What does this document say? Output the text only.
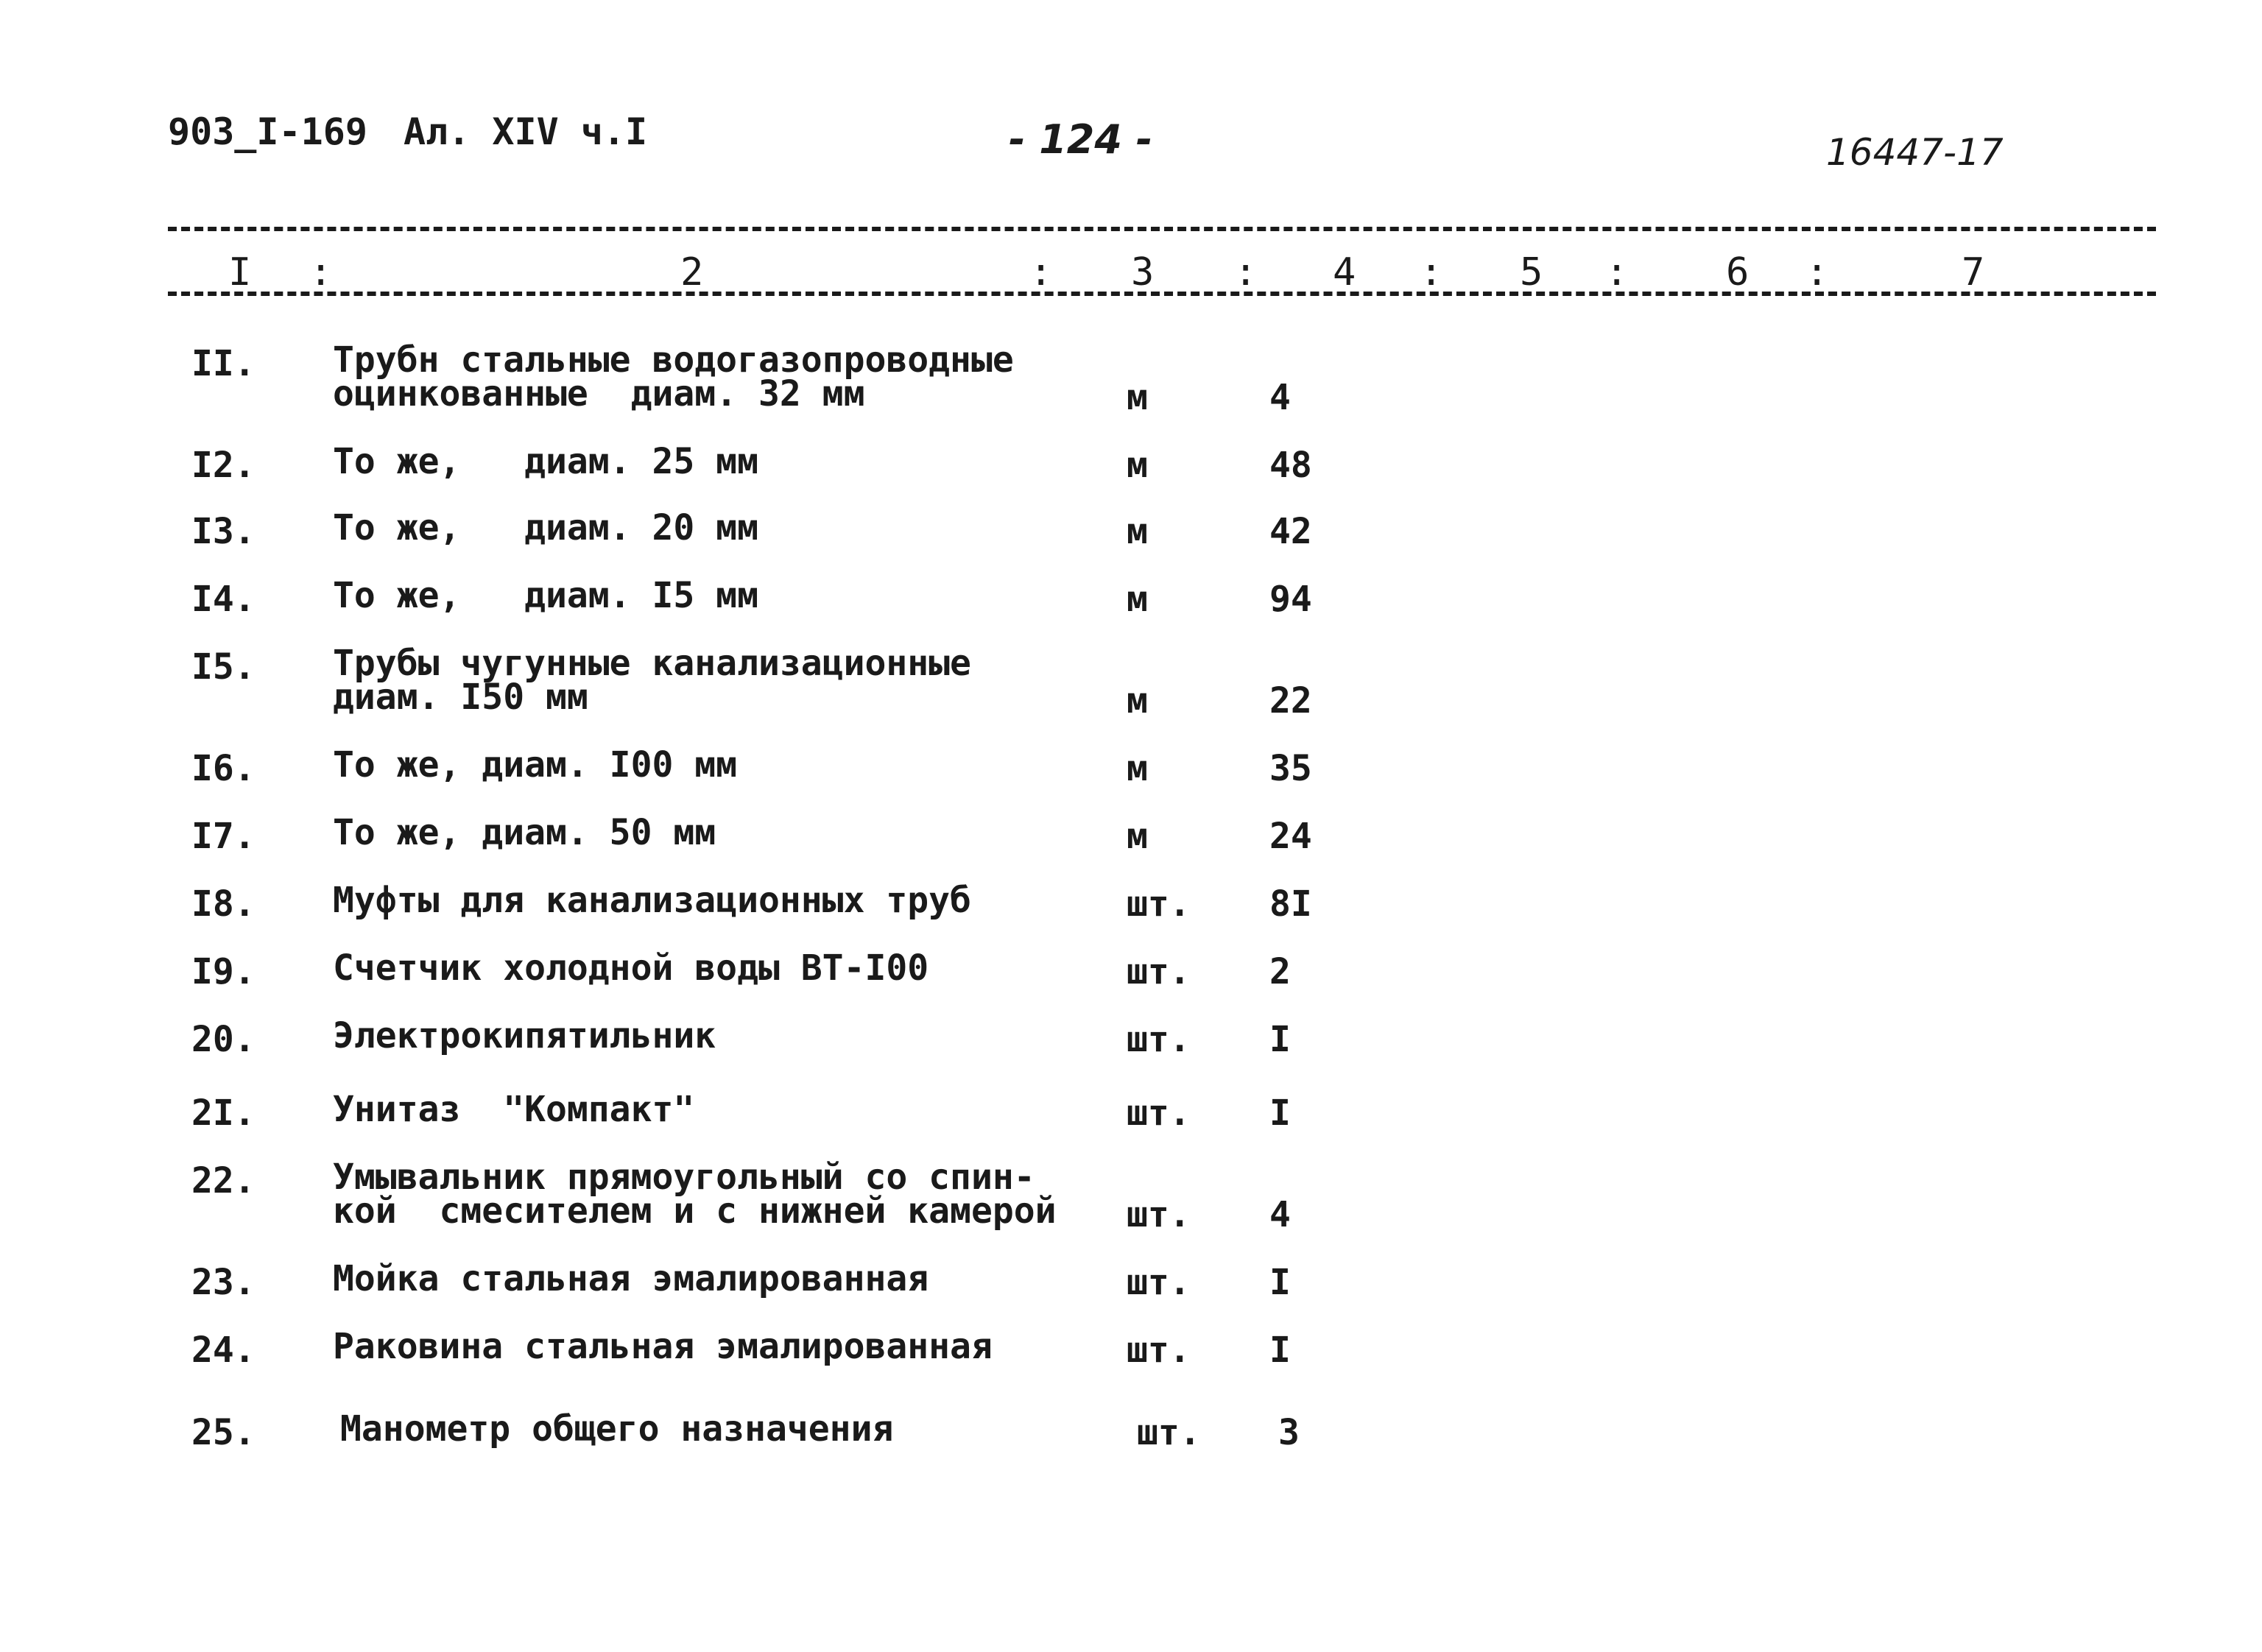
903_I-169 Ал. XIV ч.I	- 124 -	16447-17
I :	2	: 3 : 4 : 5 :	6 :	7
II. Трубн стальные водогазопроводные
оцинкованные  диам. 32 мм	м	4
I2. То же,   диам. 25 мм	м	48
I3. То же,   диам. 20 мм	м	42
I4. То же,   диам. I5 мм	м	94
I5. Трубы чугунные канализационные
диам. I50 мм	м	22
I6. То же, диам. I00 мм	м	35
I7. То же, диам. 50 мм	м	24
I8. Муфты для канализационных труб	шт. 8I
I9. Счетчик холодной воды ВТ-I00	шт. 2
20. Электрокипятильник	шт. I
2I. Унитаз  "Компакт"	шт. I
22. Умывальник прямоугольный со спин-
кой  смесителем и с нижней камерой шт. 4
23. Мойка стальная эмалированная	шт. I
24. Раковина стальная эмалированная	шт. I
25. Манометр общего назначения	шт. 3
